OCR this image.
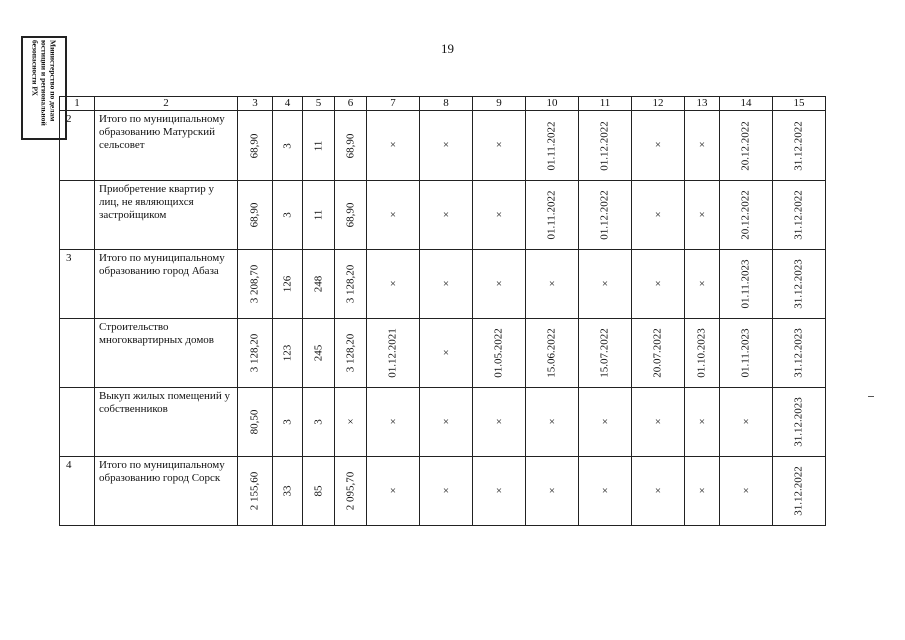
19
Министерство по делам
юстиции и региональной
безопасности РХ
1	2	3	4	5	6	7	8	9	10	11	12	13	14	15
2	Итого по муниципальному образованию Матурский сельсовет	68,90	3	11	68,90	×	×	×	01.11.2022	01.12.2022	×	×	20.12.2022	31.12.2022

	Приобретение квартир у лиц, не являющихся застройщиком	68,90	3	11	68,90	×	×	×	01.11.2022	01.12.2022	×	×	20.12.2022	31.12.2022

3	Итого по муниципальному образованию город Абаза	3 208,70	126	248	3 128,20	×	×	×	×	×	×	×	01.11.2023	31.12.2023

	Строительство многоквартирных домов	3 128,20	123	245	3 128,20	01.12.2021	×	01.05.2022	15.06.2022	15.07.2022	20.07.2022	01.10.2023	01.11.2023	31.12.2023

	Выкуп жилых помещений у собственников	80,50	3	3	×	×	×	×	×	×	×	×	×	31.12.2023

4	Итого по муниципальному образованию город Сорск	2 155,60	33	85	2 095,70	×	×	×	×	×	×	×	×	31.12.2022
